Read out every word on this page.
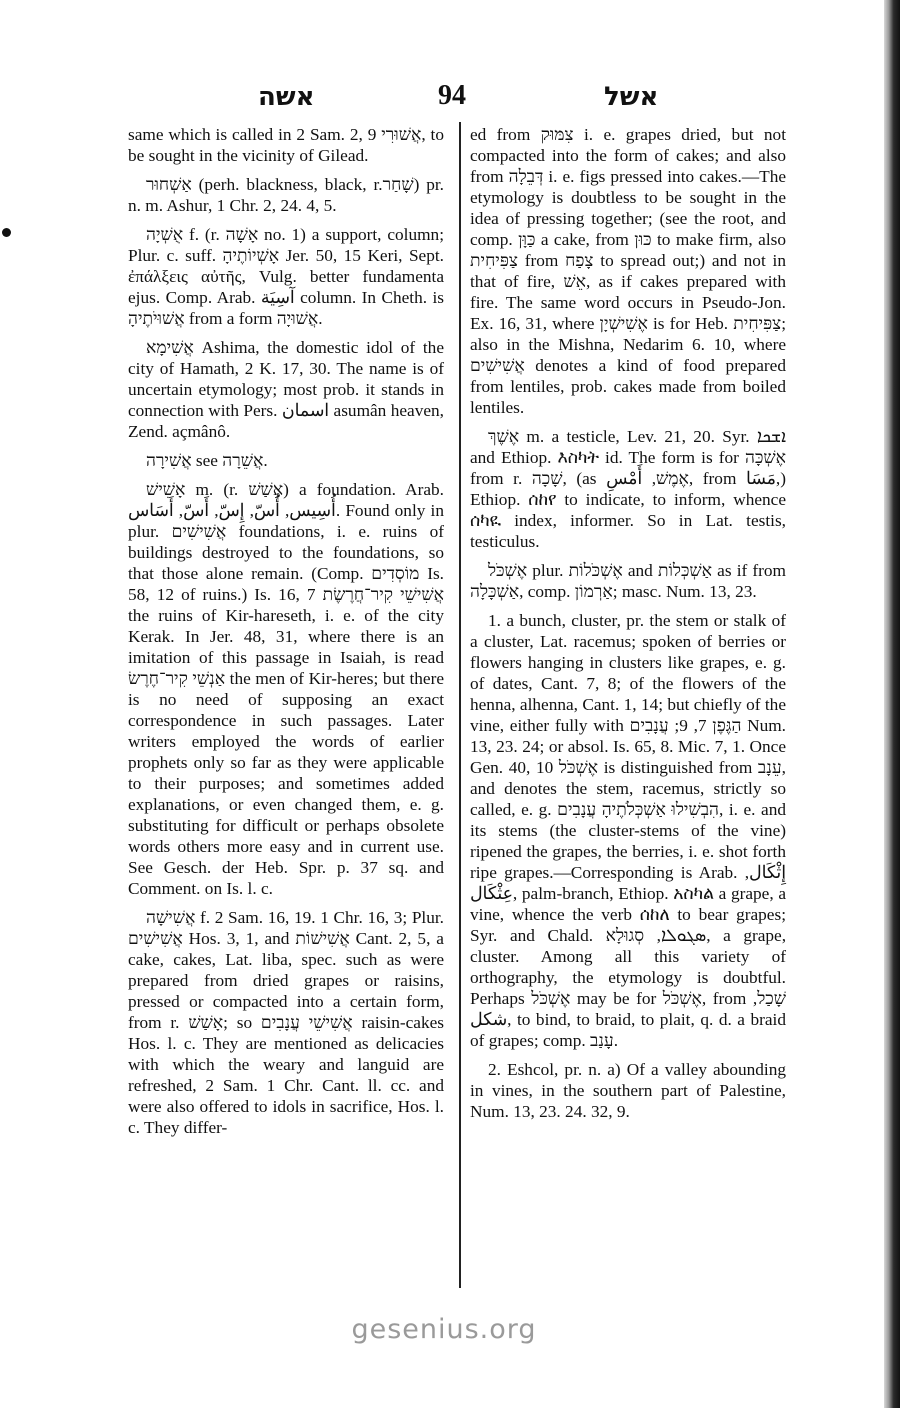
אשה	94	אשל

same which is called in 2 Sam. 2, 9 אֲשׁוּרִי, to be sought in the vicinity of Gilead.

אַשְׁחוּר (perh. blackness, black, r.שָׁחַר) pr. n. m. Ashur, 1 Chr. 2, 24. 4, 5.

אֻשְׁיָה f. (r. אָשָׁה no. 1) a support, column; Plur. c. suff. אָשְׁיוֹתֶיהָ Jer. 50, 15 Keri, Sept. ἐπάλξεις αὐτῆς, Vulg. better fundamenta ejus. Comp. Arab. آسِيَة column. In Cheth. is אֲשׁוּיֹתֶיהָ from a form אֲשׁוּיָה.

אֲשִׁימָא Ashima, the domestic idol of the city of Hamath, 2 K. 17, 30. The name is of uncertain etymology; most prob. it stands in connection with Pers. اسمان asumân heaven, Zend. açmânô.

אֲשִׁירָה see אֲשֵׁרָה.

אָשִׁישׁ m. (r. אָשַׁשׁ) a foundation. Arab. أُسِيس, أُسّ, إِسّ, أَسّ, أَسَاس. Found only in plur. אֲשִׁישִׁים foundations, i. e. ruins of buildings destroyed to the foundations, so that those alone remain. (Comp. מוֹסְדִים Is. 58, 12 of ruins.) Is. 16, 7 אֲשִׁישֵׁי קִיר־חֲרֶשֶׂת the ruins of Kir-hareseth, i. e. of the city Kerak. In Jer. 48, 31, where there is an imitation of this passage in Isaiah, is read אַנְשֵׁי קִיר־חֶרֶשׂ the men of Kir-heres; but there is no need of supposing an exact correspondence in such passages. Later writers employed the words of earlier prophets only so far as they were applicable to their purposes; and sometimes added explanations, or even changed them, e. g. substituting for difficult or perhaps obsolete words others more easy and in current use. See Gesch. der Heb. Spr. p. 37 sq. and Comment. on Is. l. c.

אֲשִׁישָׁה f. 2 Sam. 16, 19. 1 Chr. 16, 3; Plur. אֲשִׁישִׁים Hos. 3, 1, and אֲשִׁישׁוֹת Cant. 2, 5, a cake, cakes, Lat. liba, spec. such as were prepared from dried grapes or raisins, pressed or compacted into a certain form, from r. אָשַׁשׁ; so אֲשִׁישֵׁי עֲנָבִים raisin-cakes Hos. l. c. They are mentioned as delicacies with which the weary and languid are refreshed, 2 Sam. 1 Chr. Cant. ll. cc. and were also offered to idols in sacrifice, Hos. l. c. They differ-

ed from צִמּוּק i. e. grapes dried, but not compacted into the form of cakes; and also from דְּבֵלָה i. e. figs pressed into cakes.—The etymology is doubtless to be sought in the idea of pressing together; (see the root, and comp. כַּוָּן a cake, from כּוּן to make firm, also צַפִּיחִית from צָפַח to spread out;) and not in that of fire, אֵשׁ, as if cakes prepared with fire. The same word occurs in Pseudo-Jon. Ex. 16, 31, where אֶשִׁישְׁיָן is for Heb. צַפִּיחִית; also in the Mishna, Nedarim 6. 10, where אֲשִׁישִׁים denotes a kind of food prepared from lentiles, prob. cakes made from boiled lentiles.

אֶשֶׁךְ m. a testicle, Lev. 21, 20. Syr. ܐܫܟܐ and Ethiop. እስካት id. The form is for אֶשְׁכָּה from r. שָׁכָה, (as אֶמֶשׁ, أَمْسِ, from مَسَا,) Ethiop. ሰከየ to indicate, to inform, whence ሰካዪ index, informer. So in Lat. testis, testiculus.

אֶשְׁכֹּל plur. אֶשְׁכֹּלוֹת and אַשְׁכְּלוֹת as if from אַשְׁכָּלָה, comp. אַרְמוֹן; masc. Num. 13, 23.

1. a bunch, cluster, pr. the stem or stalk of a cluster, Lat. racemus; spoken of berries or flowers hanging in clusters like grapes, e. g. of dates, Cant. 7, 8; of the flowers of the henna, alhenna, Cant. 1, 14; but chiefly of the vine, either fully with הַגֶּפֶן 7, 9; עֲנָבִים Num. 13, 23. 24; or absol. Is. 65, 8. Mic. 7, 1. Once Gen. 40, 10 אֶשְׁכֹּל is distinguished from עֵנָב, and denotes the stem, racemus, strictly so called, e. g. הִבְשִׁילוּ אַשְׁכְּלֹתֶיהָ עֲנָבִים, i. e. and its stems (the cluster-stems of the vine) ripened the grapes, the berries, i. e. shot forth ripe grapes.—Corresponding is Arab. إِثْكَال, عِثْكَال, palm-branch, Ethiop. አስካል a grape, a vine, whence the verb ሰከለ to bear grapes; Syr. and Chald. ܣܓܘܠܐ, סְגוּלָא, a grape, cluster. Among all this variety of orthography, the etymology is doubtful. Perhaps אֶשְׁכֹּל may be for אֶשְׁכֹּל, from שָׁכַל, شكل, to bind, to braid, to plait, q. d. a braid of grapes; comp. עָנַב.

2. Eshcol, pr. n. a) Of a valley abounding in vines, in the southern part of Palestine, Num. 13, 23. 24. 32, 9.

gesenius.org
